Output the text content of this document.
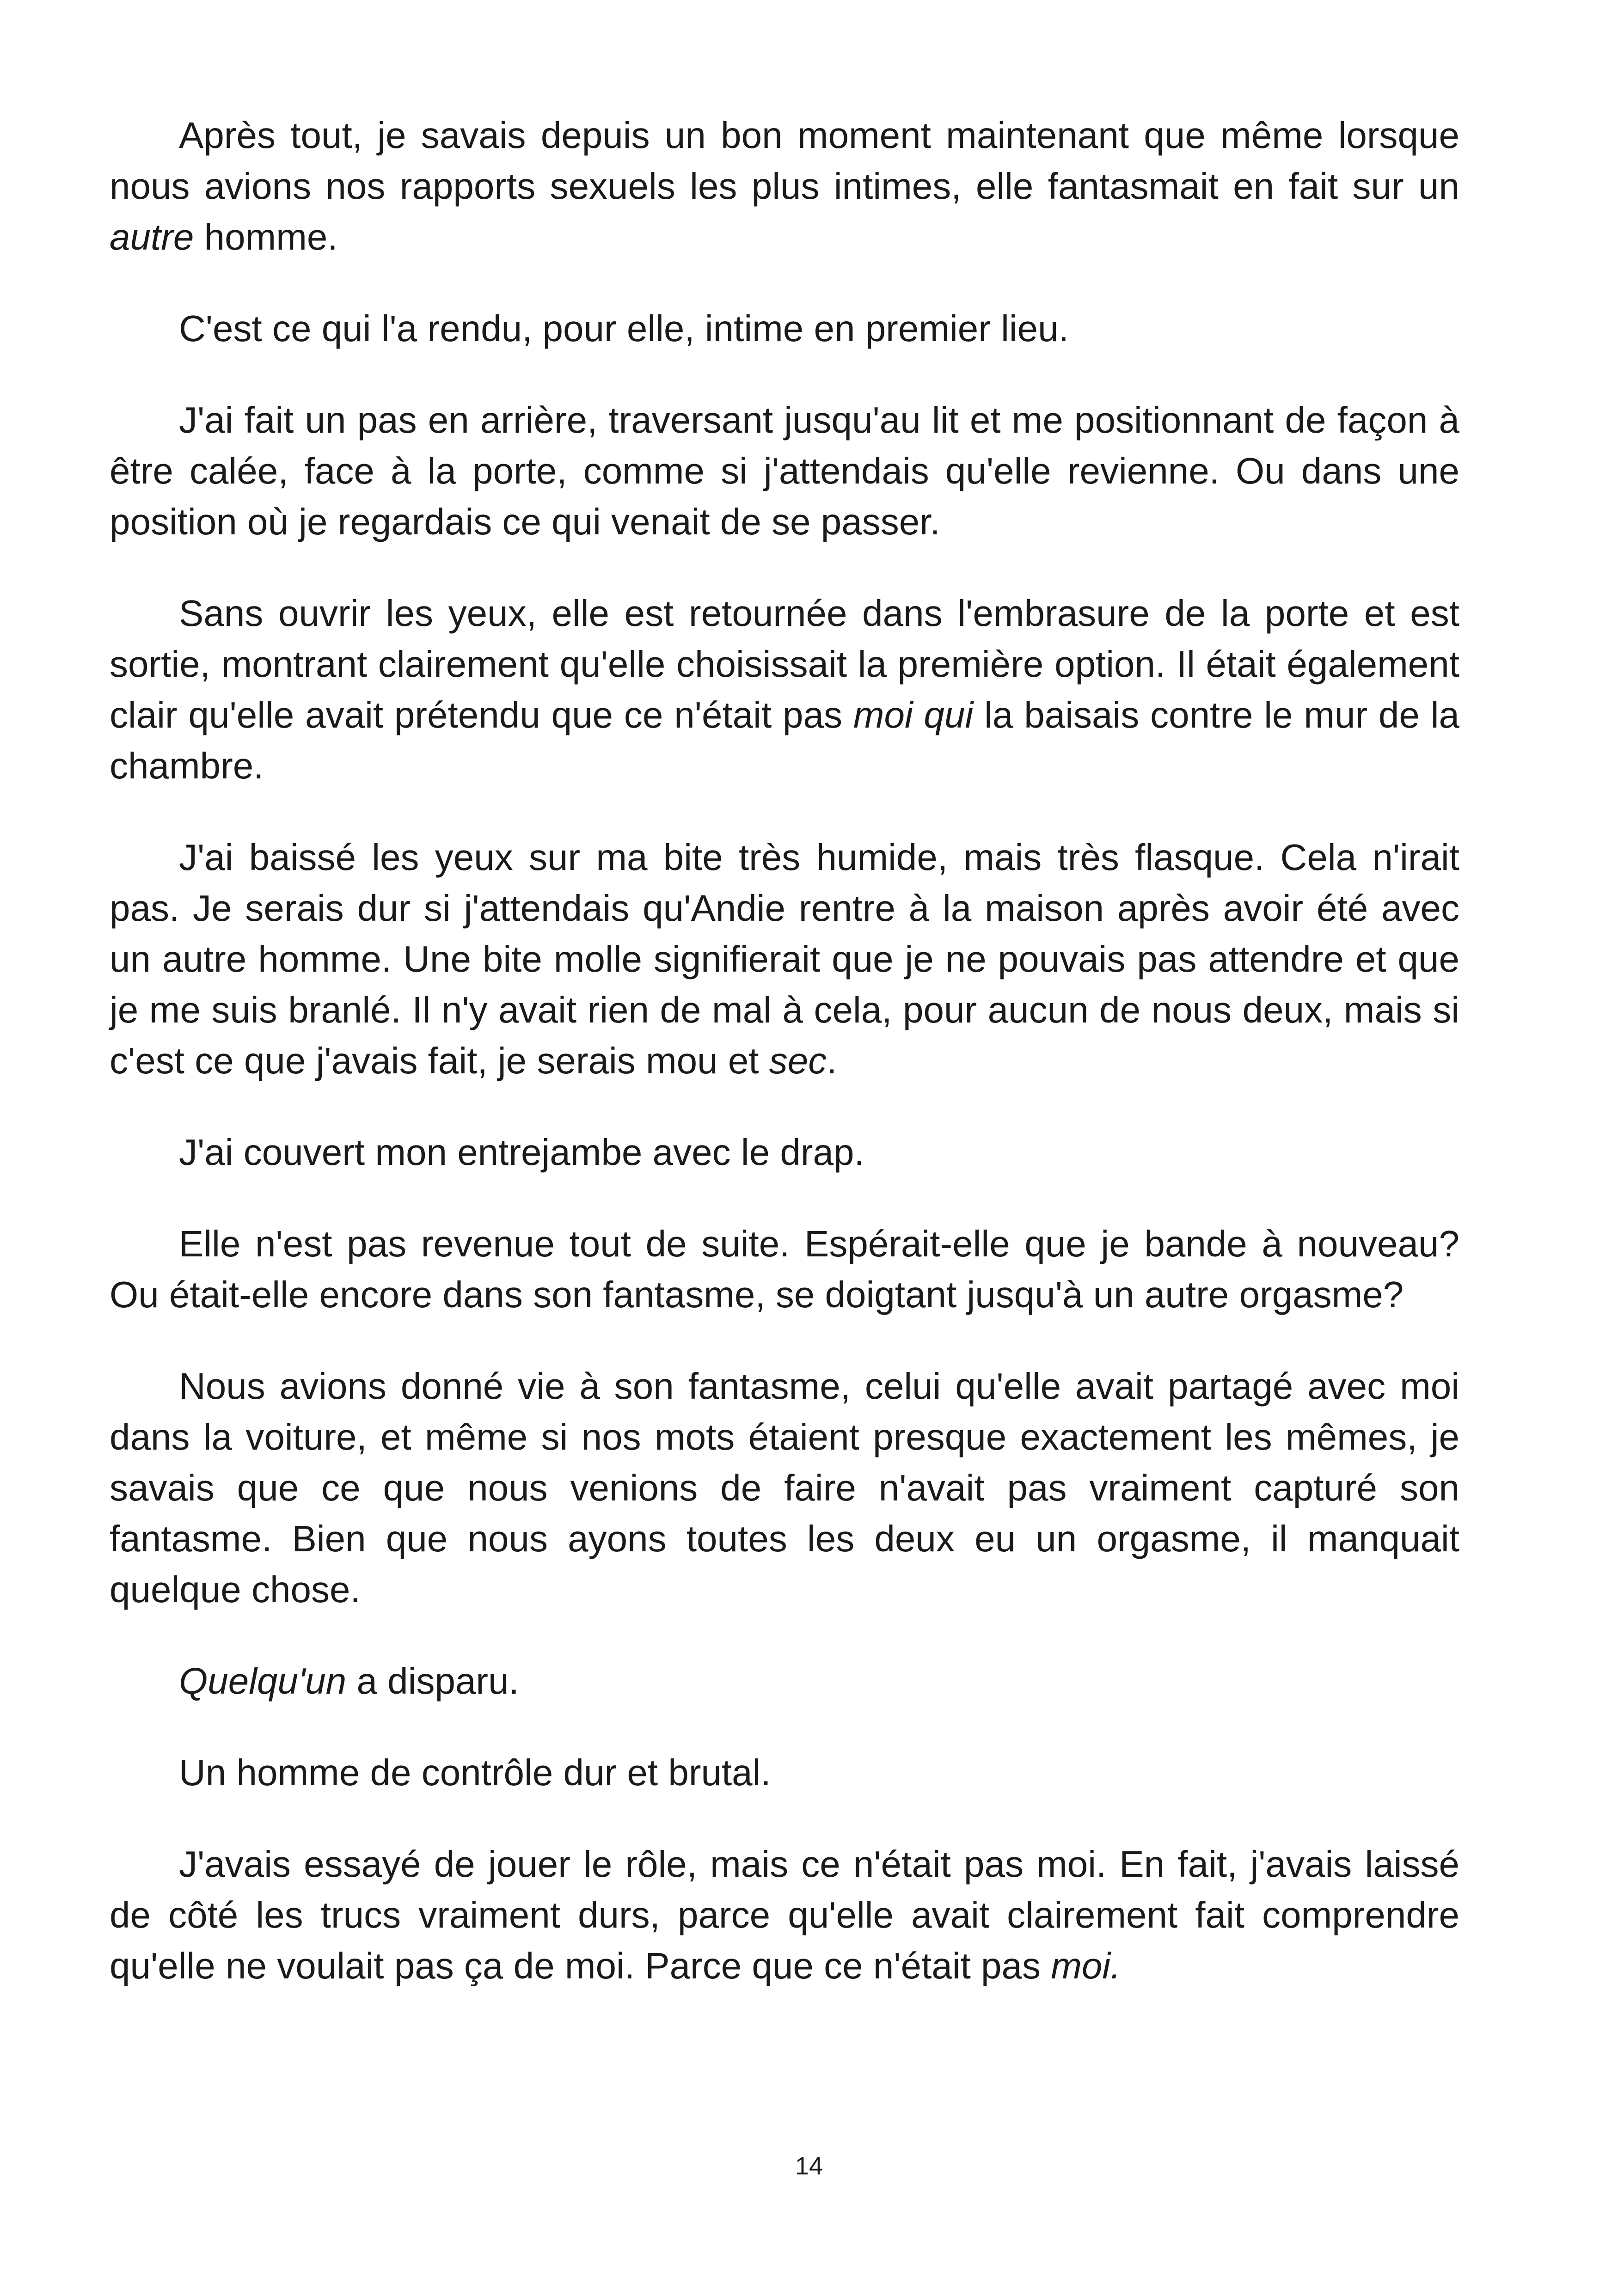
Après tout, je savais depuis un bon moment maintenant que même lorsque nous avions nos rapports sexuels les plus intimes, elle fantasmait en fait sur un autre homme.

C'est ce qui l'a rendu, pour elle, intime en premier lieu.

J'ai fait un pas en arrière, traversant jusqu'au lit et me positionnant de façon à être calée, face à la porte, comme si j'attendais qu'elle revienne. Ou dans une position où je regardais ce qui venait de se passer.

Sans ouvrir les yeux, elle est retournée dans l'embrasure de la porte et est sortie, montrant clairement qu'elle choisissait la première option. Il était également clair qu'elle avait prétendu que ce n'était pas moi qui la baisais contre le mur de la chambre.

J'ai baissé les yeux sur ma bite très humide, mais très flasque. Cela n'irait pas. Je serais dur si j'attendais qu'Andie rentre à la maison après avoir été avec un autre homme. Une bite molle signifierait que je ne pouvais pas attendre et que je me suis branlé. Il n'y avait rien de mal à cela, pour aucun de nous deux, mais si c'est ce que j'avais fait, je serais mou et sec.

J'ai couvert mon entrejambe avec le drap.

Elle n'est pas revenue tout de suite. Espérait-elle que je bande à nouveau? Ou était-elle encore dans son fantasme, se doigtant jusqu'à un autre orgasme?

Nous avions donné vie à son fantasme, celui qu'elle avait partagé avec moi dans la voiture, et même si nos mots étaient presque exactement les mêmes, je savais que ce que nous venions de faire n'avait pas vraiment capturé son fantasme. Bien que nous ayons toutes les deux eu un orgasme, il manquait quelque chose.

Quelqu'un a disparu.

Un homme de contrôle dur et brutal.

J'avais essayé de jouer le rôle, mais ce n'était pas moi. En fait, j'avais laissé de côté les trucs vraiment durs, parce qu'elle avait clairement fait comprendre qu'elle ne voulait pas ça de moi. Parce que ce n'était pas moi.

14
